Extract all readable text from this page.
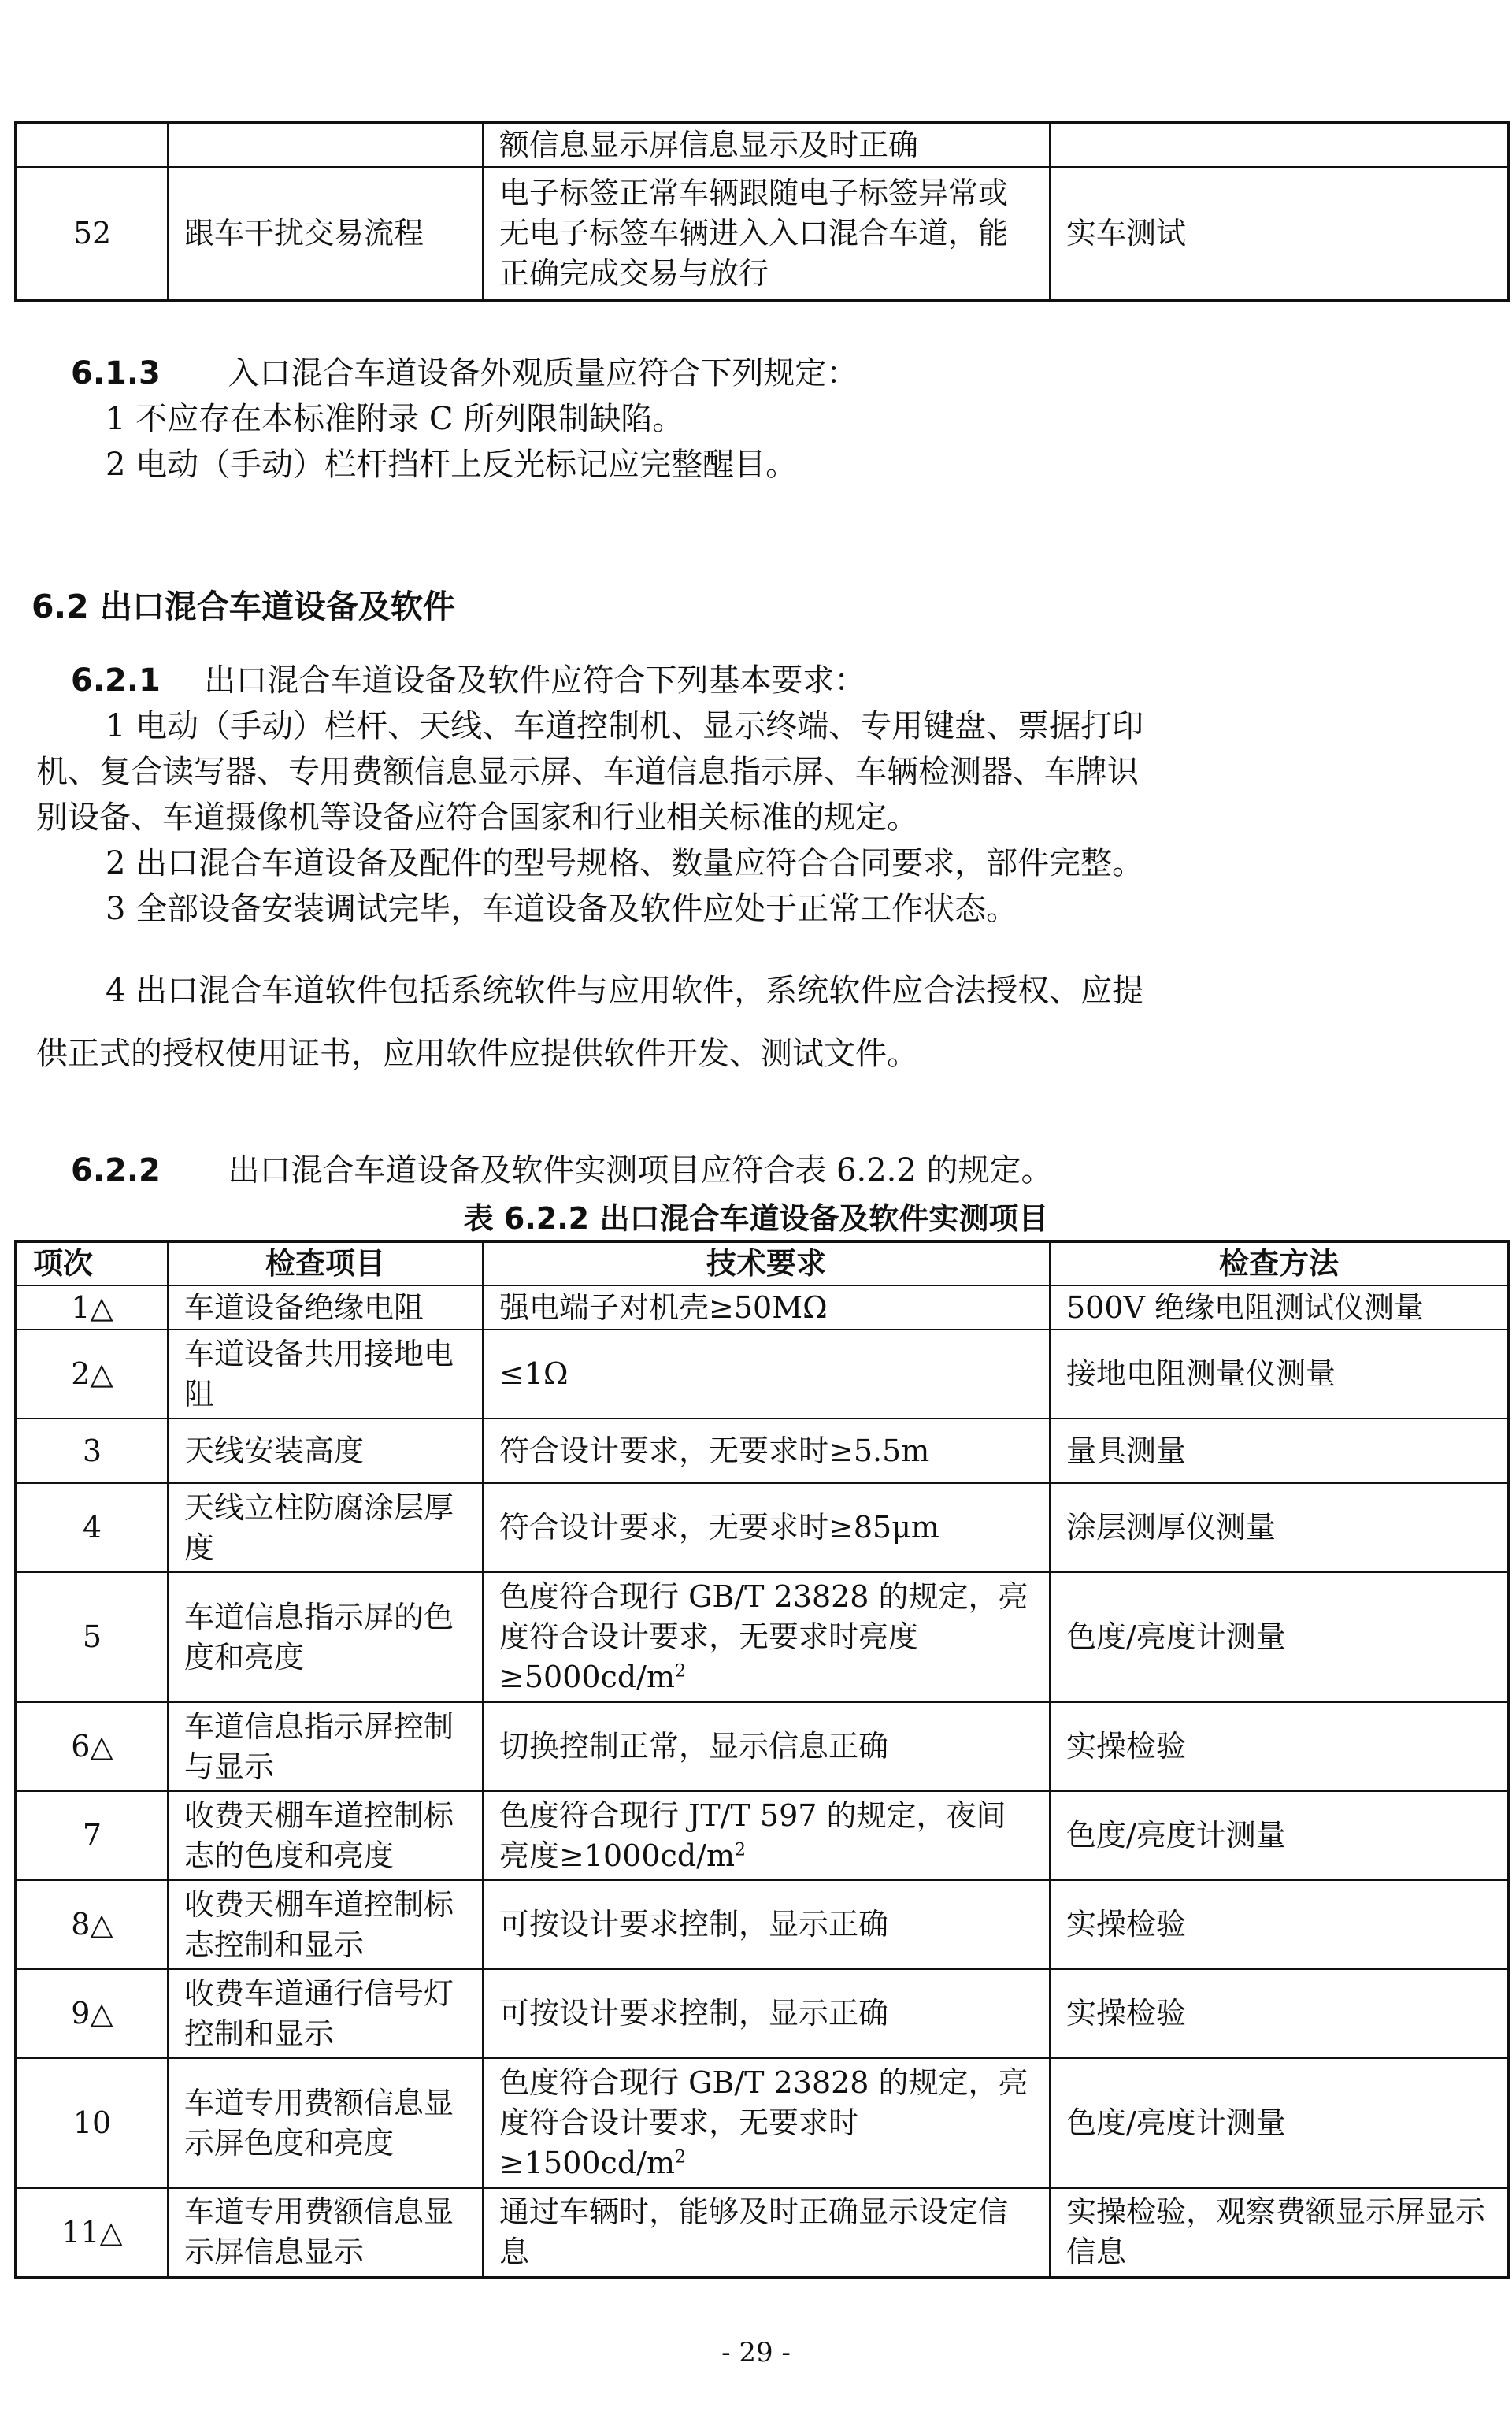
		额信息显示屏信息显示及时正确	
52	跟车干扰交易流程	电子标签正常车辆跟随电子标签异常或无电子标签车辆进入入口混合车道，能正确完成交易与放行	实车测试
6.1.3 入口混合车道设备外观质量应符合下列规定：
1 不应存在本标准附录 C 所列限制缺陷。
2 电动（手动）栏杆挡杆上反光标记应完整醒目。
6.2 出口混合车道设备及软件
6.2.1 出口混合车道设备及软件应符合下列基本要求：
1 电动（手动）栏杆、天线、车道控制机、显示终端、专用键盘、票据打印
机、复合读写器、专用费额信息显示屏、车道信息指示屏、车辆检测器、车牌识
别设备、车道摄像机等设备应符合国家和行业相关标准的规定。
2 出口混合车道设备及配件的型号规格、数量应符合合同要求，部件完整。
3 全部设备安装调试完毕，车道设备及软件应处于正常工作状态。
4 出口混合车道软件包括系统软件与应用软件，系统软件应合法授权、应提
供正式的授权使用证书，应用软件应提供软件开发、测试文件。
6.2.2 出口混合车道设备及软件实测项目应符合表 6.2.2 的规定。
表 6.2.2 出口混合车道设备及软件实测项目
项次	检查项目	技术要求	检查方法
1△	车道设备绝缘电阻	强电端子对机壳≥50MΩ	500V 绝缘电阻测试仪测量
2△	车道设备共用接地电阻	≤1Ω	接地电阻测量仪测量
3	天线安装高度	符合设计要求，无要求时≥5.5m	量具测量
4	天线立柱防腐涂层厚度	符合设计要求，无要求时≥85μm	涂层测厚仪测量
5	车道信息指示屏的色度和亮度	色度符合现行 GB/T 23828 的规定，亮度符合设计要求，无要求时亮度$\ge 5000cd/m^2$	色度/亮度计测量
6△	车道信息指示屏控制与显示	切换控制正常，显示信息正确	实操检验
7	收费天棚车道控制标志的色度和亮度	色度符合现行 JT/T 597 的规定，夜间亮度$\ge 1000cd/m^2$	色度/亮度计测量
8△	收费天棚车道控制标志控制和显示	可按设计要求控制，显示正确	实操检验
9△	收费车道通行信号灯控制和显示	可按设计要求控制，显示正确	实操检验
10	车道专用费额信息显示屏色度和亮度	色度符合现行 GB/T 23828 的规定，亮度符合设计要求，无要求时$\ge 1500cd/m^2$	色度/亮度计测量
11△	车道专用费额信息显示屏信息显示	通过车辆时，能够及时正确显示设定信息	实操检验，观察费额显示屏显示信息
- 29 -
